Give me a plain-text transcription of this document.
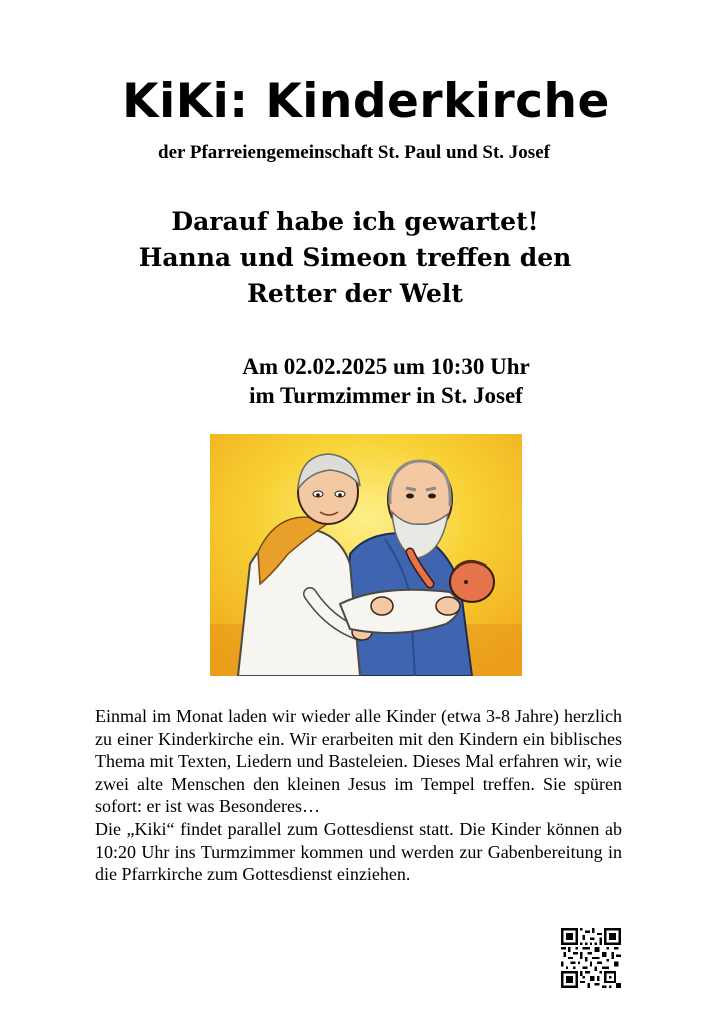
KiKi: Kinderkirche
der Pfarreiengemeinschaft St. Paul und St. Josef
Darauf habe ich gewartet!
Hanna und Simeon treffen den
Retter der Welt
Am 02.02.2025 um 10:30 Uhr
im Turmzimmer in St. Josef

Einmal im Monat laden wir wieder alle Kinder (etwa 3-8 Jahre) herzlich zu einer Kinderkirche ein. Wir erarbeiten mit den Kindern ein biblisches Thema mit Texten, Liedern und Basteleien. Dieses Mal erfahren wir, wie zwei alte Menschen den kleinen Jesus im Tempel treffen. Sie spüren sofort: er ist was Besonderes…

Die „Kiki“ findet parallel zum Gottesdienst statt. Die Kinder können ab 10:20 Uhr ins Turmzimmer kommen und werden zur Gabenbereitung in die Pfarrkirche zum Gottesdienst einziehen.
